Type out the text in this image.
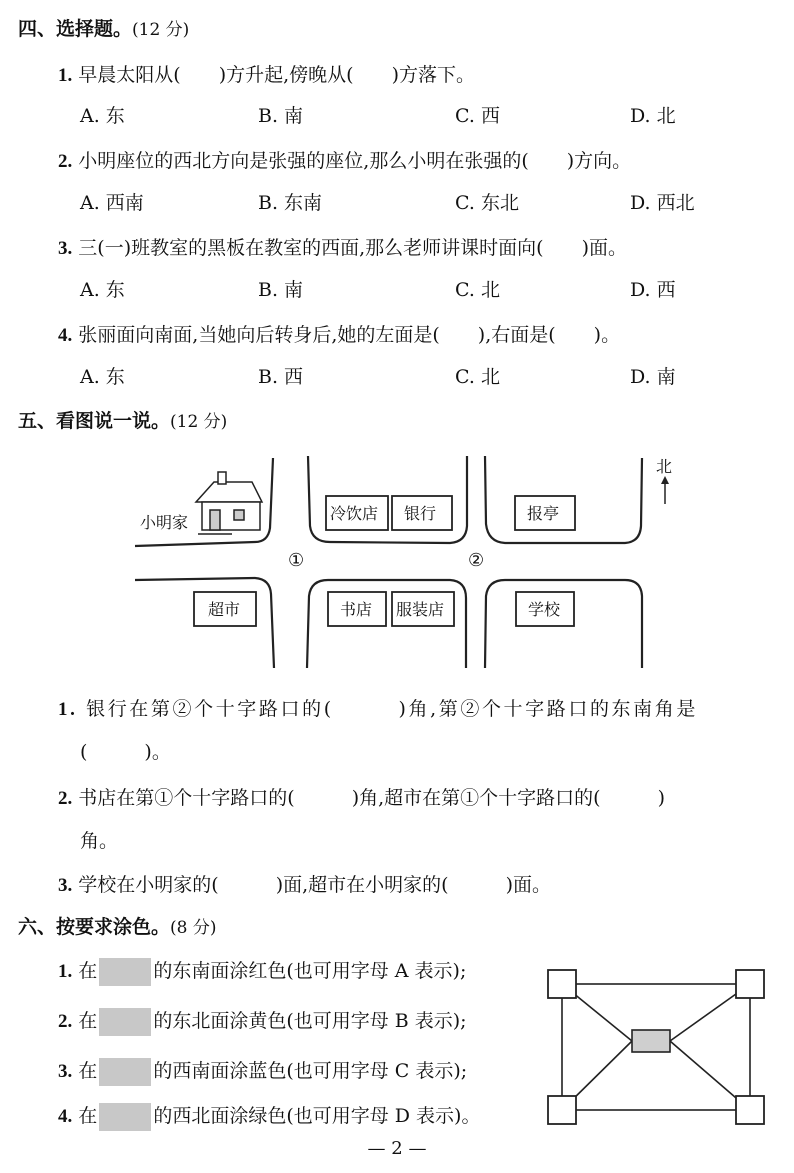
四、选择题。(12 分)
1. 早晨太阳从(　　)方升起,傍晚从(　　)方落下。
A. 东	B. 南	C. 西	D. 北
2. 小明座位的西北方向是张强的座位,那么小明在张强的(　　)方向。
A. 西南	B. 东南	C. 东北	D. 西北
3. 三(一)班教室的黑板在教室的西面,那么老师讲课时面向(　　)面。
A. 东	B. 南	C. 北	D. 西
4. 张丽面向南面,当她向后转身后,她的左面是(　　),右面是(　　)。
A. 东	B. 西	C. 北	D. 南
五、看图说一说。(12 分)
小明家
北
①	②
冷饮店 银行	报亭
超市	书店 服装店	学校
1. 银行在第②个十字路口的(　　　)角,第②个十字路口的东南角是
(　　　)。
2. 书店在第①个十字路口的(　　　)角,超市在第①个十字路口的(　　　)
角。
3. 学校在小明家的(　　　)面,超市在小明家的(　　　)面。
六、按要求涂色。(8 分)
1. 在	的东南面涂红色(也可用字母 A 表示);
2. 在	的东北面涂黄色(也可用字母 B 表示);
3. 在	的西南面涂蓝色(也可用字母 C 表示);
4. 在	的西北面涂绿色(也可用字母 D 表示)。
— 2 —
